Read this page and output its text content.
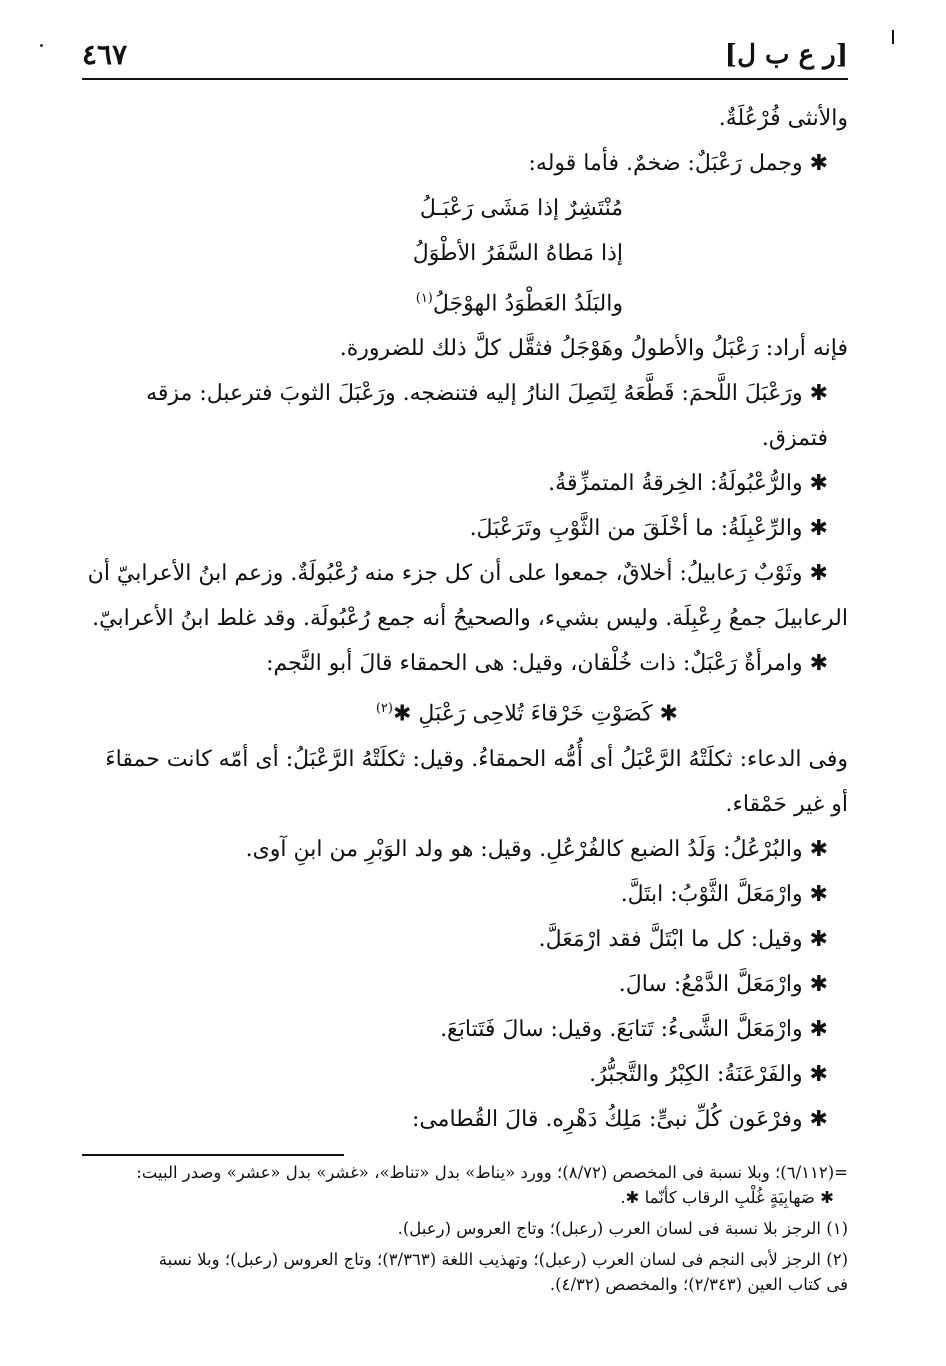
[ر ع ب ل]
٤٦٧

والأنثى فُرْعُلَةٌ.

✱ وجمل رَعْبَلٌ: ضخمٌ. فأما قوله:

مُنْتَشِرٌ إذا مَشَى رَعْبَـلُ

إذا مَطاهُ السَّفَرُ الأطْوَلُ

والبَلَدُ العَطْوَدُ الهوْجَلُ$^{(١)}$

فإنه أراد: رَعْبَلُ والأطولُ وهَوْجَلُ فثقَّل كلَّ ذلك للضرورة.

✱ ورَعْبَلَ اللَّحمَ: قَطَّعَهُ لِتَصِلَ النارُ إليه فتنضجه. ورَعْبَلَ الثوبَ فترعبل: مزقه فتمزق.

✱ والرُّعْبُولَةُ: الخِرقةُ المتمزِّقةُ.

✱ والرِّعْبِلَةُ: ما أخْلَقَ من الثَّوْبِ وتَرَعْبَلَ.

✱ وثَوْبٌ رَعابيلُ: أخلاقٌ، جمعوا على أن كل جزء منه رُعْبُولَةٌ. وزعم ابنُ الأعرابيّ أن

الرعابيلَ جمعُ رِعْبِلَة. وليس بشيء، والصحيحُ أنه جمع رُعْبُولَة. وقد غلط ابنُ الأعرابيّ.

✱ وامرأةٌ رَعْبَلٌ: ذات خُلْقان، وقيل: هى الحمقاء قالَ أبو النَّجم:

✱ كَصَوْتِ خَرْقاءَ تُلاحِى رَعْبَلِ ✱$^{(٢)}$

وفى الدعاء: ثكلَتْهُ الرَّعْبَلُ أى أُمُّه الحمقاءُ. وقيل: ثكلَتْهُ الرَّعْبَلُ: أى أمّه كانت حمقاءَ

أو غير حَمْقاء.

✱ والبُرْعُلُ: وَلَدُ الضبع كالفُرْعُلِ. وقيل: هو ولد الوَبْرِ من ابنِ آوى.

✱ وارْمَعَلَّ الثَّوْبُ: ابتَلَّ.

✱ وقيل: كل ما ابْتَلَّ فقد ارْمَعَلَّ.

✱ وارْمَعَلَّ الدَّمْعُ: سالَ.

✱ وارْمَعَلَّ الشَّىءُ: تَتابَعَ. وقيل: سالَ فَتَتابَعَ.

✱ والفَرْعَنَةُ: الكِبْرُ والتَّجبُّرُ.

✱ وفرْعَون كُلِّ نبىٍّ: مَلِكُ دَهْرِه. قالَ القُطامى:

=(٦/١١٢)؛ وبلا نسبة فى المخصص (٨/٧٢)؛ وورد «يناط» بدل «تناط»، «غشر» بدل «عشر» وصدر البيت:

✱ صَهابِيَةٍ غُلْبِ الرقاب كأنّما ✱.

(١) الرجز بلا نسبة فى لسان العرب (رعبل)؛ وتاج العروس (رعبل).

(٢) الرجز لأبى النجم فى لسان العرب (رعبل)؛ وتهذيب اللغة (٣/٣٦٣)؛ وتاج العروس (رعبل)؛ وبلا نسبة

فى كتاب العين (٢/٣٤٣)؛ والمخصص (٤/٣٢).
